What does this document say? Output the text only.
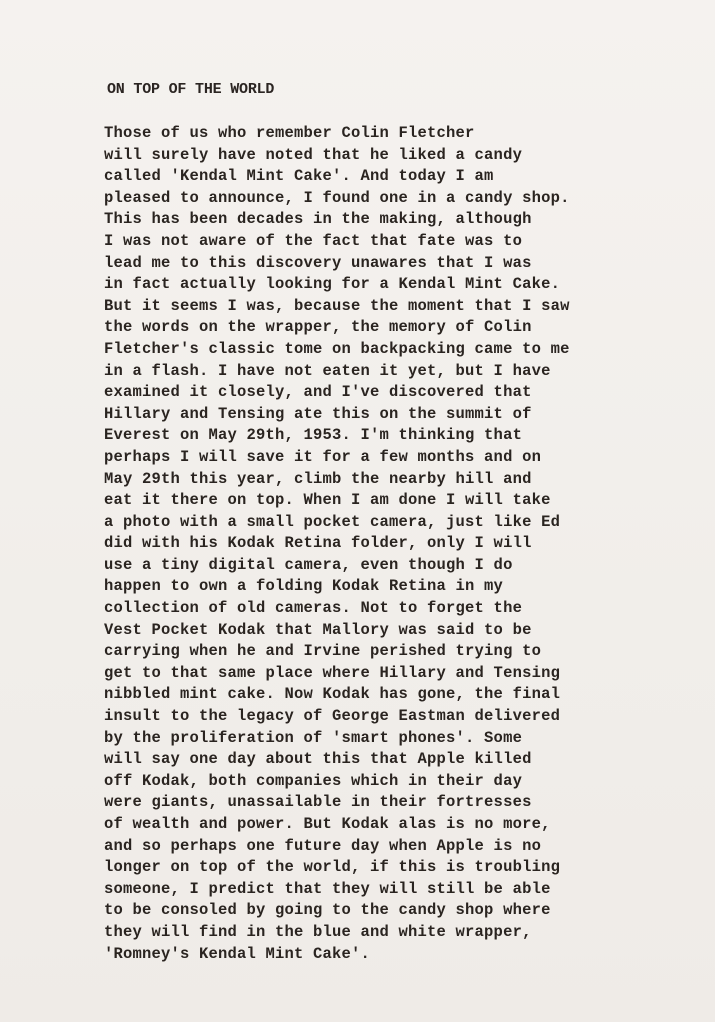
ON TOP OF THE WORLD
Those of us who remember Colin Fletcher
will surely have noted that he liked a candy
called 'Kendal Mint Cake'. And today I am
pleased to announce, I found one in a candy shop.
This has been decades in the making, although
I was not aware of the fact that fate was to
lead me to this discovery unawares that I was
in fact actually looking for a Kendal Mint Cake.
But it seems I was, because the moment that I saw
the words on the wrapper, the memory of Colin
Fletcher's classic tome on backpacking came to me
in a flash. I have not eaten it yet, but I have
examined it closely, and I've discovered that
Hillary and Tensing ate this on the summit of
Everest on May 29th, 1953. I'm thinking that
perhaps I will save it for a few months and on
May 29th this year, climb the nearby hill and
eat it there on top. When I am done I will take
a photo with a small pocket camera, just like Ed
did with his Kodak Retina folder, only I will
use a tiny digital camera, even though I do
happen to own a folding Kodak Retina in my
collection of old cameras. Not to forget the
Vest Pocket Kodak that Mallory was said to be
carrying when he and Irvine perished trying to
get to that same place where Hillary and Tensing
nibbled mint cake. Now Kodak has gone, the final
insult to the legacy of George Eastman delivered
by the proliferation of 'smart phones'. Some
will say one day about this that Apple killed
off Kodak, both companies which in their day
were giants, unassailable in their fortresses
of wealth and power. But Kodak alas is no more,
and so perhaps one future day when Apple is no
longer on top of the world, if this is troubling
someone, I predict that they will still be able
to be consoled by going to the candy shop where
they will find in the blue and white wrapper,
'Romney's Kendal Mint Cake'.
